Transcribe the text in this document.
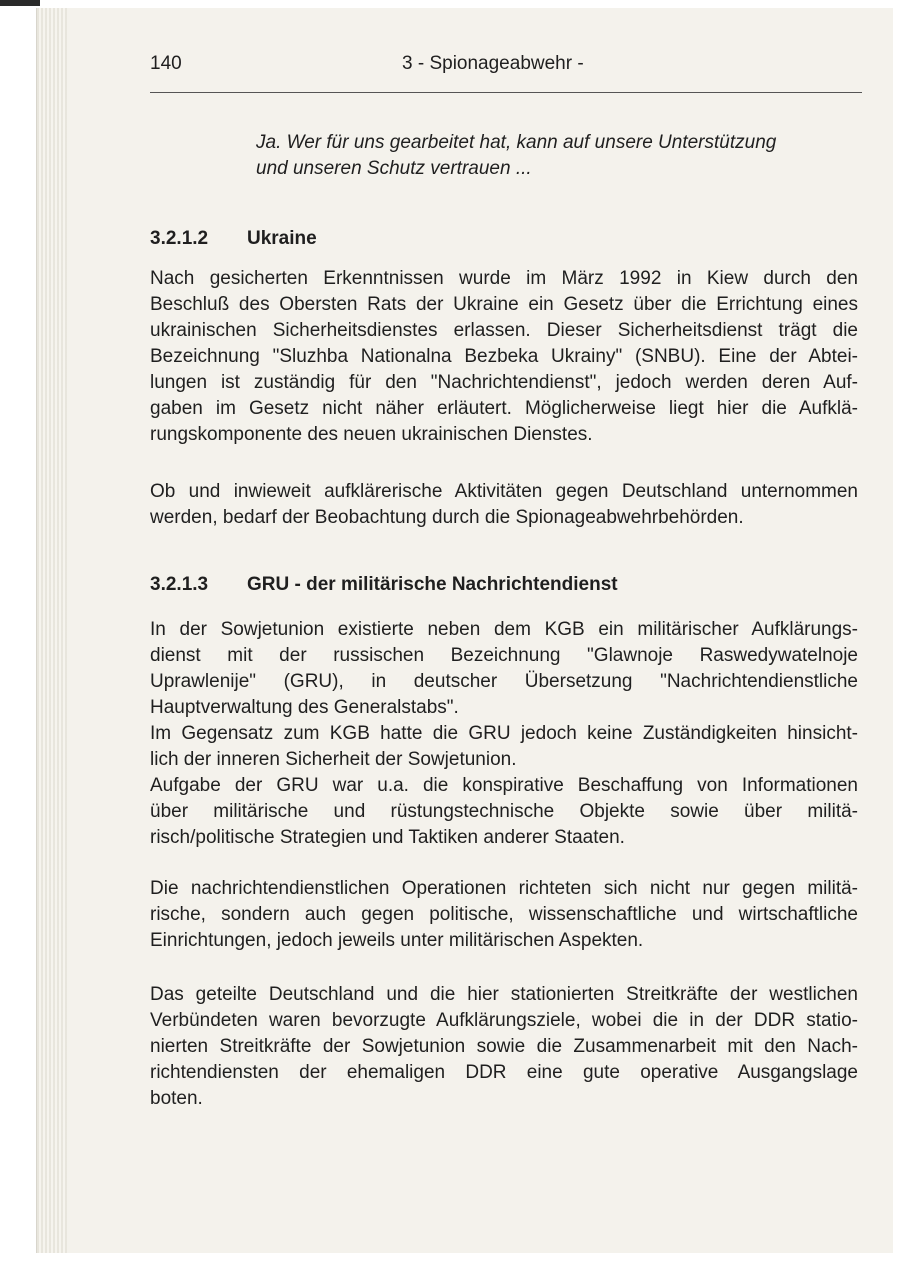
140	3 - Spionageabwehr -

Ja. Wer für uns gearbeitet hat, kann auf unsere Unterstützung
und unseren Schutz vertrauen ...

3.2.1.2 Ukraine

Nach gesicherten Erkenntnissen wurde im März 1992 in Kiew durch den
Beschluß des Obersten Rats der Ukraine ein Gesetz über die Errichtung eines
ukrainischen Sicherheitsdienstes erlassen. Dieser Sicherheitsdienst trägt die
Bezeichnung "Sluzhba Nationalna Bezbeka Ukrainy" (SNBU). Eine der Abtei-
lungen ist zuständig für den "Nachrichtendienst", jedoch werden deren Auf-
gaben im Gesetz nicht näher erläutert. Möglicherweise liegt hier die Aufklä-
rungskomponente des neuen ukrainischen Dienstes.

Ob und inwieweit aufklärerische Aktivitäten gegen Deutschland unternommen
werden, bedarf der Beobachtung durch die Spionageabwehrbehörden.

3.2.1.3 GRU - der militärische Nachrichtendienst

In der Sowjetunion existierte neben dem KGB ein militärischer Aufklärungs-
dienst mit der russischen Bezeichnung "Glawnoje Raswedywatelnoje
Uprawlenije" (GRU), in deutscher Übersetzung "Nachrichtendienstliche
Hauptverwaltung des Generalstabs".
Im Gegensatz zum KGB hatte die GRU jedoch keine Zuständigkeiten hinsicht-
lich der inneren Sicherheit der Sowjetunion.
Aufgabe der GRU war u.a. die konspirative Beschaffung von Informationen
über militärische und rüstungstechnische Objekte sowie über militä-
risch/politische Strategien und Taktiken anderer Staaten.

Die nachrichtendienstlichen Operationen richteten sich nicht nur gegen militä-
rische, sondern auch gegen politische, wissenschaftliche und wirtschaftliche
Einrichtungen, jedoch jeweils unter militärischen Aspekten.

Das geteilte Deutschland und die hier stationierten Streitkräfte der westlichen
Verbündeten waren bevorzugte Aufklärungsziele, wobei die in der DDR statio-
nierten Streitkräfte der Sowjetunion sowie die Zusammenarbeit mit den Nach-
richtendiensten der ehemaligen DDR eine gute operative Ausgangslage
boten.
